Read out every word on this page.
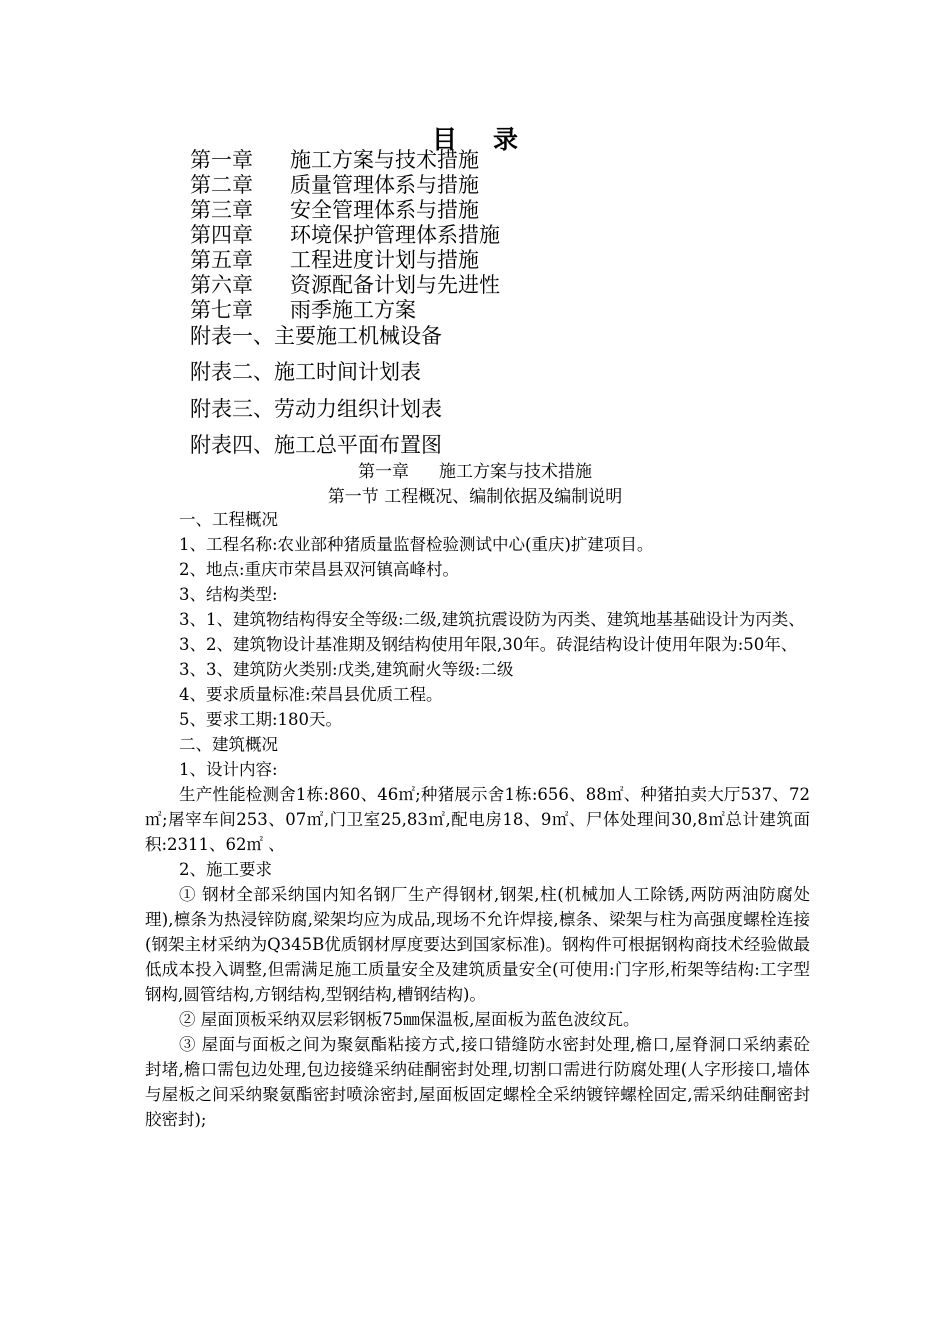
目录
第一章 施工方案与技术措施
第二章 质量管理体系与措施
第三章 安全管理体系与措施
第四章 环境保护管理体系措施
第五章 工程进度计划与措施
第六章 资源配备计划与先进性
第七章 雨季施工方案
附表一、主要施工机械设备
附表二、施工时间计划表
附表三、劳动力组织计划表
附表四、施工总平面布置图
第一章 施工方案与技术措施
第一节 工程概况、编制依据及编制说明

一、工程概况

1、工程名称:农业部种猪质量监督检验测试中心(重庆)扩建项目。

2、地点:重庆市荣昌县双河镇高峰村。

3、结构类型:

3、1、建筑物结构得安全等级:二级,建筑抗震设防为丙类、建筑地基基础设计为丙类、

3、2、建筑物设计基准期及钢结构使用年限,30年。砖混结构设计使用年限为:50年、

3、3、建筑防火类别:戊类,建筑耐火等级:二级

4、要求质量标准:荣昌县优质工程。

5、要求工期:180天。

二、建筑概况

1、设计内容:

生产性能检测舍1栋:860、46㎡;种猪展示舍1栋:656、88㎡、种猪拍卖大厅537、72㎡;屠宰车间253、07㎡,门卫室25,83㎡,配电房18、9㎡、尸体处理间30,8㎡总计建筑面积:2311、62㎡ 、

2、施工要求

① 钢材全部采纳国内知名钢厂生产得钢材,钢架,柱(机械加人工除锈,两防两油防腐处理),檩条为热浸锌防腐,梁架均应为成品,现场不允许焊接,檩条、梁架与柱为高强度螺栓连接(钢架主材采纳为Q345B优质钢材厚度要达到国家标准)。钢构件可根据钢构商技术经验做最低成本投入调整,但需满足施工质量安全及建筑质量安全(可使用:门字形,桁架等结构:工字型钢构,圆管结构,方钢结构,型钢结构,槽钢结构)。

② 屋面顶板采纳双层彩钢板75㎜保温板,屋面板为蓝色波纹瓦。

③ 屋面与面板之间为聚氨酯粘接方式,接口错缝防水密封处理,檐口,屋脊洞口采纳素砼封堵,檐口需包边处理,包边接缝采纳硅酮密封处理,切割口需进行防腐处理(人字形接口,墙体与屋板之间采纳聚氨酯密封喷涂密封,屋面板固定螺栓全采纳镀锌螺栓固定,需采纳硅酮密封胶密封);
